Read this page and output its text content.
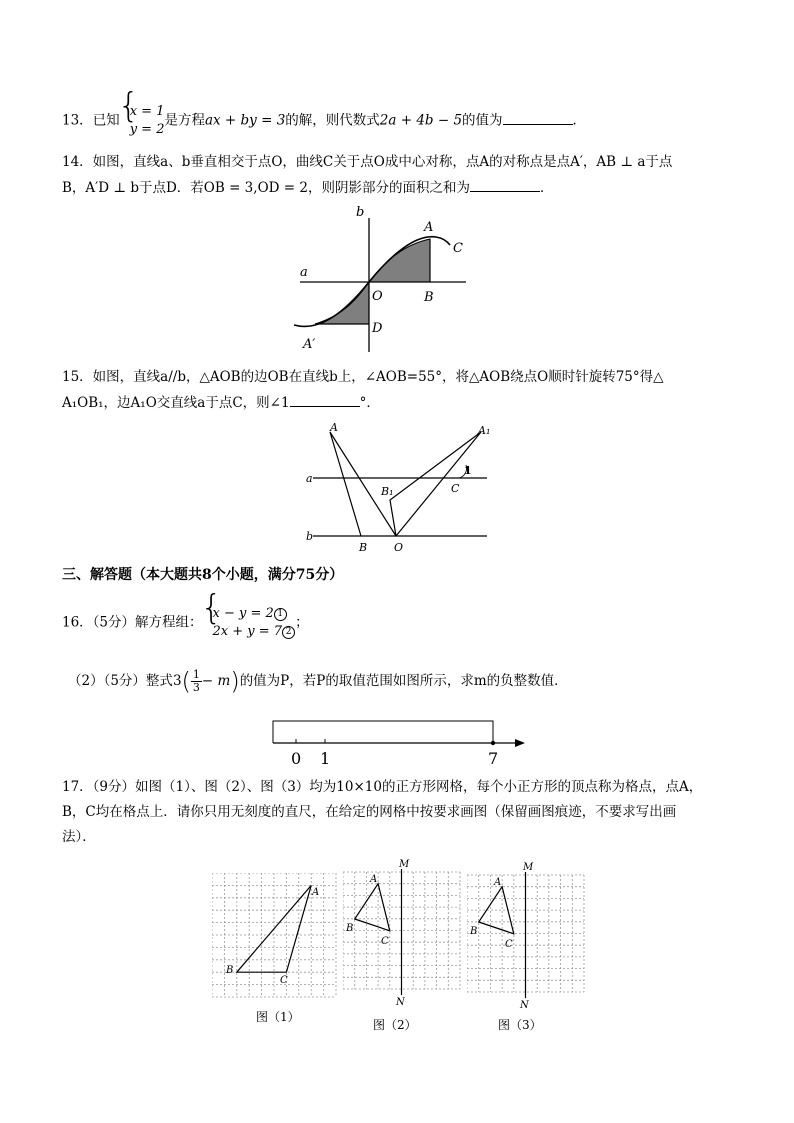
13．已知
{ x = 1
y = 2
是方程ax + by = 3的解，则代数式2a + 4b − 5的值为	．
14．如图，直线a、b垂直相交于点O，曲线C关于点O成中心对称，点A的对称点是点A′，AB ⊥ a于点
B，A′D ⊥ b于点D．若OB = 3,OD = 2，则阴影部分的面积之和为	．
b
a
A
C
O	B
D
A′
15．如图，直线a//b，△AOB的边OB在直线b上，∠AOB=55°，将△AOB绕点O顺时针旋转75°得△
A₁OB₁，边A₁O交直线a于点C，则∠1	°．
A	A₁
a
1
B₁	C
b
B O
三、解答题（本大题共8个小题，满分75分）
16．（5分）解方程组：
{ x − y = 2 1
2x + y = 7 2
；
（2）（5分）整式$3( \frac{1}{3} - m)$的值为P，若P的取值范围如图所示，求m的负整数值．
0 1	7
17．（9分）如图（1）、图（2）、图（3）均为10×10的正方形网格，每个小正方形的顶点称为格点，点A，
B，C均在格点上．请你只用无刻度的直尺，在给定的网格中按要求画图（保留画图痕迹，不要求写出画
法）．
A
B
C
M
N
A
B
C
M
N
A
B
C
图（1）
图（2）	图（3）
